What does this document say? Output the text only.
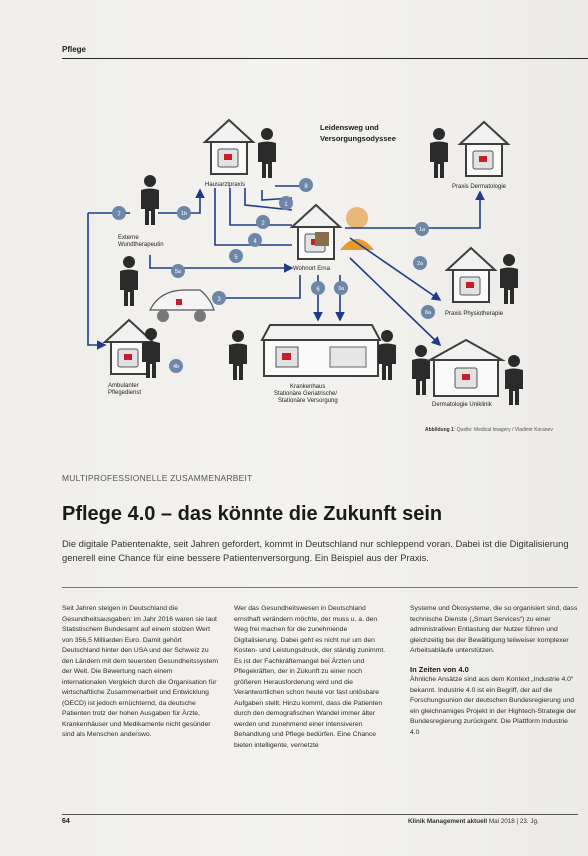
Pflege
Leidensweg und
Versorgungsodyssee
Hausarztpraxis	Praxis Dermatologie
Wohnort Erna
Externe
Wundtherapeutin
Praxis Physiotherapie
Ambulanter
Pflegedienst
Krankenhaus
Stationäre Geriatrische/
Stationäre Versorgung
Dermatologie Uniklinik
1
2
3
4
5
6
7
8
1a
1b
2a
3a
5a
6a
4b
Abbildung 1: Quelle: Medical Imagery / Vladimir Koranev
MULTIPROFESSIONELLE ZUSAMMENARBEIT
Pflege 4.0 – das könnte die Zukunft sein
Die digitale Patientenakte, seit Jahren gefordert, kommt in Deutschland nur schleppend voran. Dabei ist die Digitalisierung generell eine Chance für eine bessere Patientenversorgung. Ein Beispiel aus der Praxis.
Seit Jahren steigen in Deutschland die Gesundheitsausgaben: im Jahr 2016 waren sie laut Statistischem Bundesamt auf einem stolzen Wert von 356,5 Milliarden Euro. Damit gehört Deutschland hinter den USA und der Schweiz zu den Ländern mit dem teuersten Gesundheitssystem der Welt. Die Bewertung nach einem internationalen Vergleich durch die Organisation für wirtschaftliche Zusammenarbeit und Entwicklung (OECD) ist jedoch ernüchternd, da deutsche Patienten trotz der hohen Ausgaben für Ärzte, Krankenhäuser und Medikamente nicht gesünder sind als Menschen anderswo.
Wer das Gesundheitswesen in Deutschland ernsthaft verändern möchte, der muss u. a. den Weg frei machen für die zunehmende Digitalisierung. Dabei geht es nicht nur um den Kosten- und Leistungsdruck, der ständig zunimmt. Es ist der Fachkräftemangel bei Ärzten und Pflegekräften, der in Zukunft zu einer noch größeren Herausforderung wird und die Verantwortlichen schon heute vor fast unlösbare Aufgaben stellt. Hinzu kommt, dass die Patienten durch den demografischen Wandel immer älter werden und zunehmend einer intensiveren Behandlung und Pflege bedürfen. Eine Chance bieten intelligente, vernetzte
Systeme und Ökosysteme, die so organisiert sind, dass technische Dienste („Smart Services“) zu einer administrativen Entlastung der Nutzer führen und gleichzeitig bei der Bewältigung teilweiser komplexer Arbeitsabläufe unterstützen.
In Zeiten von 4.0
Ähnliche Ansätze sind aus dem Kontext „Industrie 4.0“ bekannt. Industrie 4.0 ist ein Begriff, der auf die Forschungsunion der deutschen Bundesregierung und ein gleichnamiges Projekt in der Hightech-Strategie der Bundesregierung zurückgeht. Die Plattform Industrie 4.0
64	Klinik Management aktuell Mai 2018 | 23. Jg.
